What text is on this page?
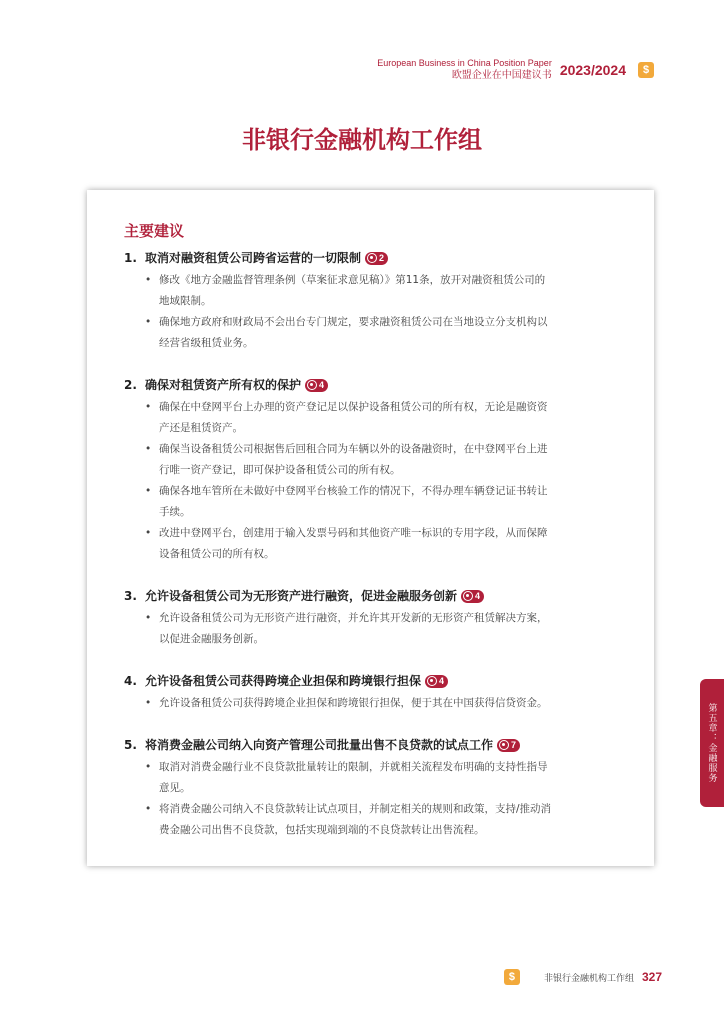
European Business in China Position Paper
欧盟企业在中国建议书 2023/2024	$
非银行金融机构工作组
主要建议
1. 取消对融资租赁公司跨省运营的一切限制 2
• 修改《地方金融监督管理条例（草案征求意见稿）》第11条，放开对融资租赁公司的
地域限制。
• 确保地方政府和财政局不会出台专门规定，要求融资租赁公司在当地设立分支机构以
经营省级租赁业务。
2. 确保对租赁资产所有权的保护 4
• 确保在中登网平台上办理的资产登记足以保护设备租赁公司的所有权，无论是融资资
产还是租赁资产。
• 确保当设备租赁公司根据售后回租合同为车辆以外的设备融资时，在中登网平台上进
行唯一资产登记，即可保护设备租赁公司的所有权。
• 确保各地车管所在未做好中登网平台核验工作的情况下，不得办理车辆登记证书转让
手续。
• 改进中登网平台，创建用于输入发票号码和其他资产唯一标识的专用字段，从而保障
设备租赁公司的所有权。
3. 允许设备租赁公司为无形资产进行融资，促进金融服务创新 4
• 允许设备租赁公司为无形资产进行融资，并允许其开发新的无形资产租赁解决方案，
以促进金融服务创新。
4. 允许设备租赁公司获得跨境企业担保和跨境银行担保 4
• 允许设备租赁公司获得跨境企业担保和跨境银行担保，便于其在中国获得信贷资金。
5. 将消费金融公司纳入向资产管理公司批量出售不良贷款的试点工作 7
• 取消对消费金融行业不良贷款批量转让的限制，并就相关流程发布明确的支持性指导
意见。
• 将消费金融公司纳入不良贷款转让试点项目，并制定相关的规则和政策，支持/推动消
费金融公司出售不良贷款，包括实现端到端的不良贷款转让出售流程。
第五章：金融服务
$	非银行金融机构工作组 327
